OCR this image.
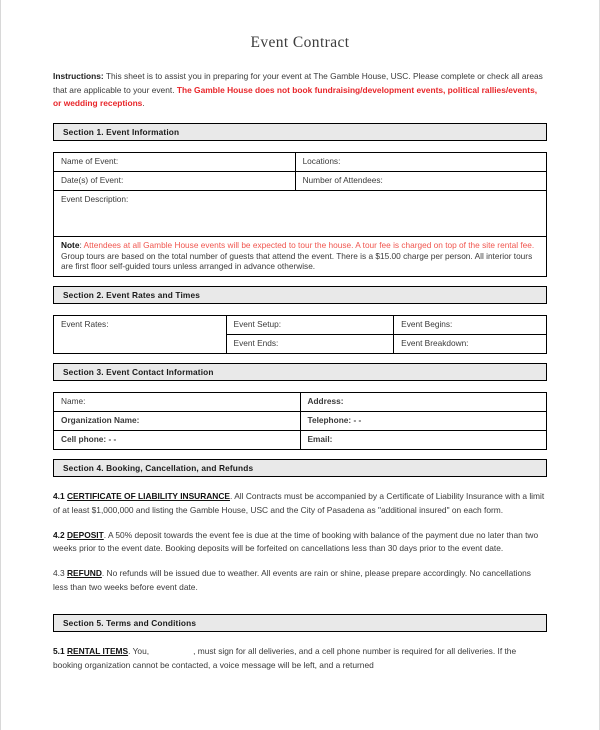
Event Contract

Instructions: This sheet is to assist you in preparing for your event at The Gamble House, USC. Please complete or check all areas that are applicable to your event. The Gamble House does not book fundraising/development events, political rallies/events, or wedding receptions.

Section 1. Event Information
Name of Event:	Locations:
Date(s) of Event:	Number of Attendees:
Event Description:	
Note: Attendees at all Gamble House events will be expected to tour the house. A tour fee is charged on top of the site rental fee. Group tours are based on the total number of guests that attend the event. There is a $15.00 charge per person. All interior tours are first floor self-guided tours unless arranged in advance otherwise.	
Section 2. Event Rates and Times
Event Rates:	Event Setup:	Event Begins:
	Event Ends:	Event Breakdown:
Section 3. Event Contact Information
Name:	Address:
Organization Name:	Telephone: - -
Cell phone: - -	Email:
Section 4. Booking, Cancellation, and Refunds

4.1 CERTIFICATE OF LIABILITY INSURANCE. All Contracts must be accompanied by a Certificate of Liability Insurance with a limit of at least $1,000,000 and listing the Gamble House, USC and the City of Pasadena as "additional insured" on each form.

4.2 DEPOSIT. A 50% deposit towards the event fee is due at the time of booking with balance of the payment due no later than two weeks prior to the event date. Booking deposits will be forfeited on cancellations less than 30 days prior to the event date.

4.3 REFUND. No refunds will be issued due to weather. All events are rain or shine, please prepare accordingly. No cancellations less than two weeks before event date.

Section 5. Terms and Conditions

5.1 RENTAL ITEMS. You,	, must sign for all deliveries, and a cell phone number is required for all deliveries. If the booking organization cannot be contacted, a voice message will be left, and a returned
